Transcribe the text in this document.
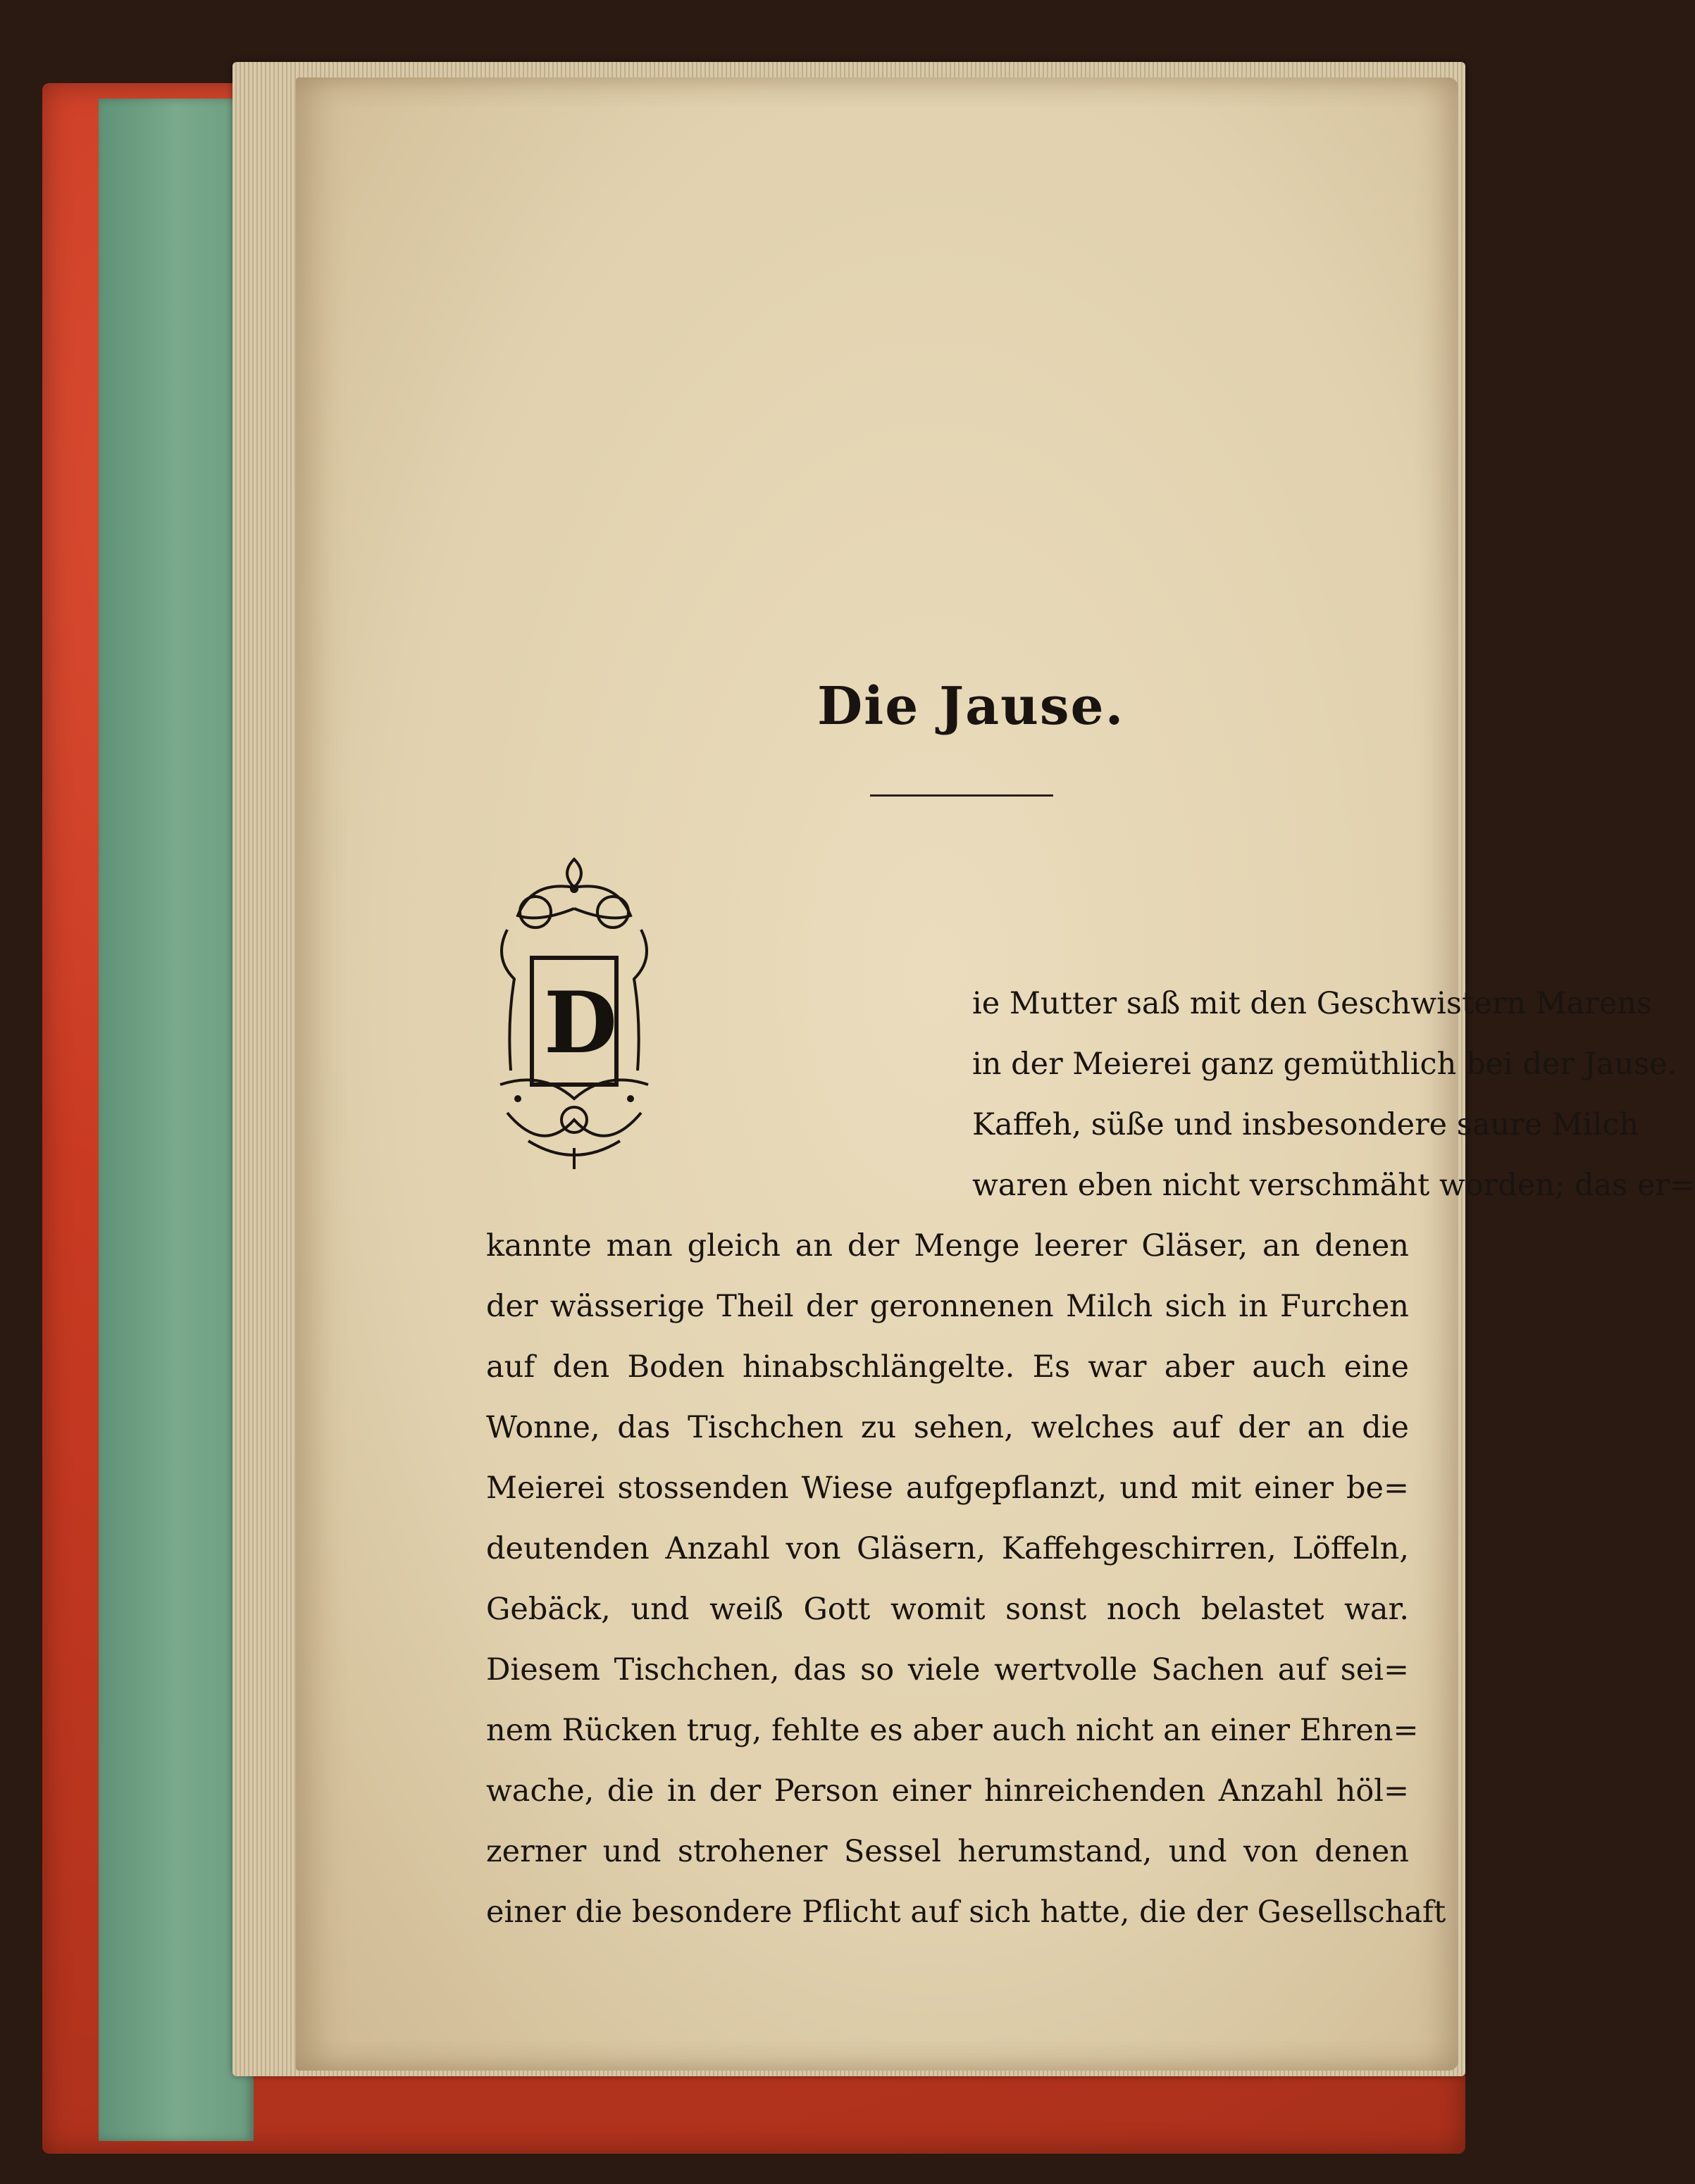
Die Jause.
D	ie Mutter saß mit den Geschwistern Marens
in der Meierei ganz gemüthlich bei der Jause.
Kaffeh, süße und insbesondere saure Milch
waren eben nicht verschmäht worden; das er=
kannte man gleich an der Menge leerer Gläser, an denen
der wässerige Theil der geronnenen Milch sich in Furchen
auf den Boden hinabschlängelte. Es war aber auch eine
Wonne, das Tischchen zu sehen, welches auf der an die
Meierei stossenden Wiese aufgepflanzt, und mit einer be=
deutenden Anzahl von Gläsern, Kaffehgeschirren, Löffeln,
Gebäck, und weiß Gott womit sonst noch belastet war.
Diesem Tischchen, das so viele wertvolle Sachen auf sei=
nem Rücken trug, fehlte es aber auch nicht an einer Ehren=
wache, die in der Person einer hinreichenden Anzahl höl=
zerner und strohener Sessel herumstand, und von denen
einer die besondere Pflicht auf sich hatte, die der Gesellschaft
